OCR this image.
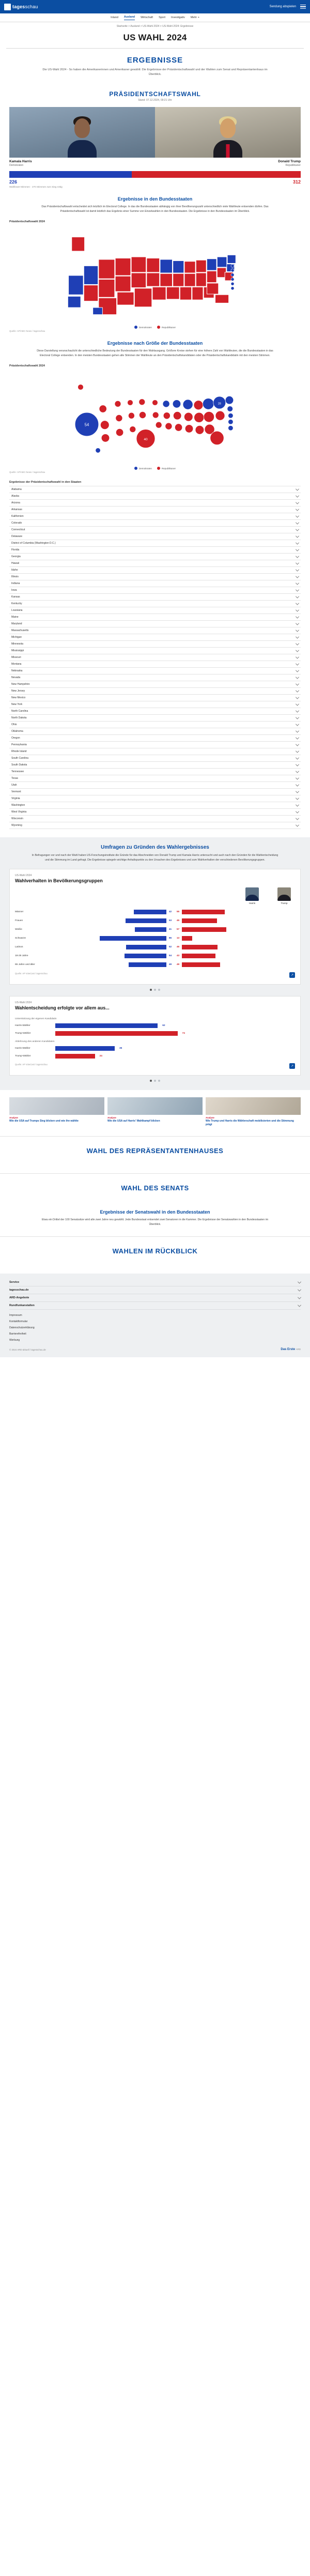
tagesschau	Sendung abspielen
Inland Ausland Wirtschaft Sport Investigativ Mehr +
Startseite > Ausland > US-Wahl 2024 > US-Wahl 2024: Ergebnisse
US WAHL 2024
ERGEBNISSE
Die US-Wahl 2024 - So haben die Amerikanerinnen und Amerikaner gewählt: Die Ergebnisse der Präsidentschaftswahl und der Wahlen zum Senat und Repräsentantenhaus im Überblick.
PRÄSIDENTSCHAFTSWAHL
Stand: 07.12.2024, 09:21 Uhr
Kamala Harris
Demokraten
Donald Trump
Republikaner
226	312
Wahlleute-Stimmen · 270 Stimmen zum Sieg nötig
Ergebnisse in den Bundesstaaten
Das Präsidentschaftswahl entscheidet sich letztlich im Electoral College. In das die Bundesstaaten abhängig von ihrer Bevölkerungszahl unterschiedlich viele Wahlleute entsenden dürfen. Das Präsidentschaftswahl ist damit letztlich das Ergebnis einer Summe von Einzelwahlen in den Bundesstaaten. Die Ergebnisse in den Bundesstaaten im Überblick.
Präsidentschaftswahl 2024
Demokraten	Republikaner
Quelle: AP/ABC News / tagesschau
Ergebnisse nach Größe der Bundesstaaten
Diese Darstellung veranschaulicht die unterschiedliche Bedeutung der Bundesstaaten für den Wahlausgang. Größere Kreise stehen für eine höhere Zahl von Wahlleuten, die die Bundesstaaten in das Electoral College entsenden. In den meisten Bundesstaaten gehen alle Stimmen der Wahlleute an den Präsidentschaftskandidaten oder die Präsidentschaftskandidatin mit den meisten Stimmen.
Präsidentschaftswahl 2024
54
40
28
Demokraten	Republikaner
Quelle: AP/ABC News / tagesschau
Ergebnisse der Präsidentschaftswahl in den Staaten
Alabama
Alaska
Arizona
Arkansas
Kalifornien
Colorado
Connecticut
Delaware
District of Columbia (Washington D.C.)
Florida
Georgia
Hawaii
Idaho
Illinois
Indiana
Iowa
Kansas
Kentucky
Louisiana
Maine
Maryland
Massachusetts
Michigan
Minnesota
Mississippi
Missouri
Montana
Nebraska
Nevada
New Hampshire
New Jersey
New Mexico
New York
North Carolina
North Dakota
Ohio
Oklahoma
Oregon
Pennsylvania
Rhode Island
South Carolina
South Dakota
Tennessee
Texas
Utah
Vermont
Virginia
Washington
West Virginia
Wisconsin
Wyoming
Umfragen zu Gründen des Wahlergebnisses
In Befragungen vor und nach der Wahl haben US-Forschungsinstitute die Gründe für das Abschneiden von Donald Trump und Kamala Harris untersucht und auch nach den Gründen für die Wahlentscheidung und die Stimmung im Land gefragt. Die Ergebnisse spiegeln wichtige Anhaltspunkte zu den Ursachen des Ergebnisses und zum Wahlverhalten der verschiedenen Bevölkerungsgruppen.
US-Wahl 2024
Wahlverhalten in Bevölkerungsgruppen
Harris	Trump
Männer	42	55
Frauen	53	45
Weiße	41	57
Schwarze	86	13
Latinos	52	46
18-29 Jahre	54	43
65 Jahre und älter	49	49
Quelle: AP VoteCast / tagesschau
↗
US-Wahl 2024
Wahlentscheidung erfolgte vor allem aus...
Unterstützung der eigenen Kandidatin
Harris-Wähler	62
Trump-Wähler	74
Ablehnung des anderen Kandidaten
Harris-Wähler	36
Trump-Wähler	24
Quelle: AP VoteCast / tagesschau
↗
Analyse
Wie die USA auf Trumps Sieg blicken und wie ihn wählte
Analyse
Wie die USA auf Harris' Wahlkampf blicken
Analyse
Wie Trump und Harris die Wählerschaft mobilisierten und die Stimmung prägt
WAHL DES REPRÄSENTANTENHAUSES
WAHL DES SENATS
Ergebnisse der Senatswahl in den Bundesstaaten
Etwa ein Drittel der 100 Senatssitze wird alle zwei Jahre neu gewählt. Jede Bundesstaat entsendet zwei Senatoren in die Kammer. Die Ergebnisse der Senatswahlen in den Bundesstaaten im Überblick.
WAHLEN IM RÜCKBLICK
Service
tagesschau.de
ARD-Angebote
Rundfunkanstalten
Impressum
Kontaktformular
Datenschutzerklärung
Barrierefreiheit
Werbung
© 2024 ARD-aktuell / tagesschau.de	Das Erste ARD
